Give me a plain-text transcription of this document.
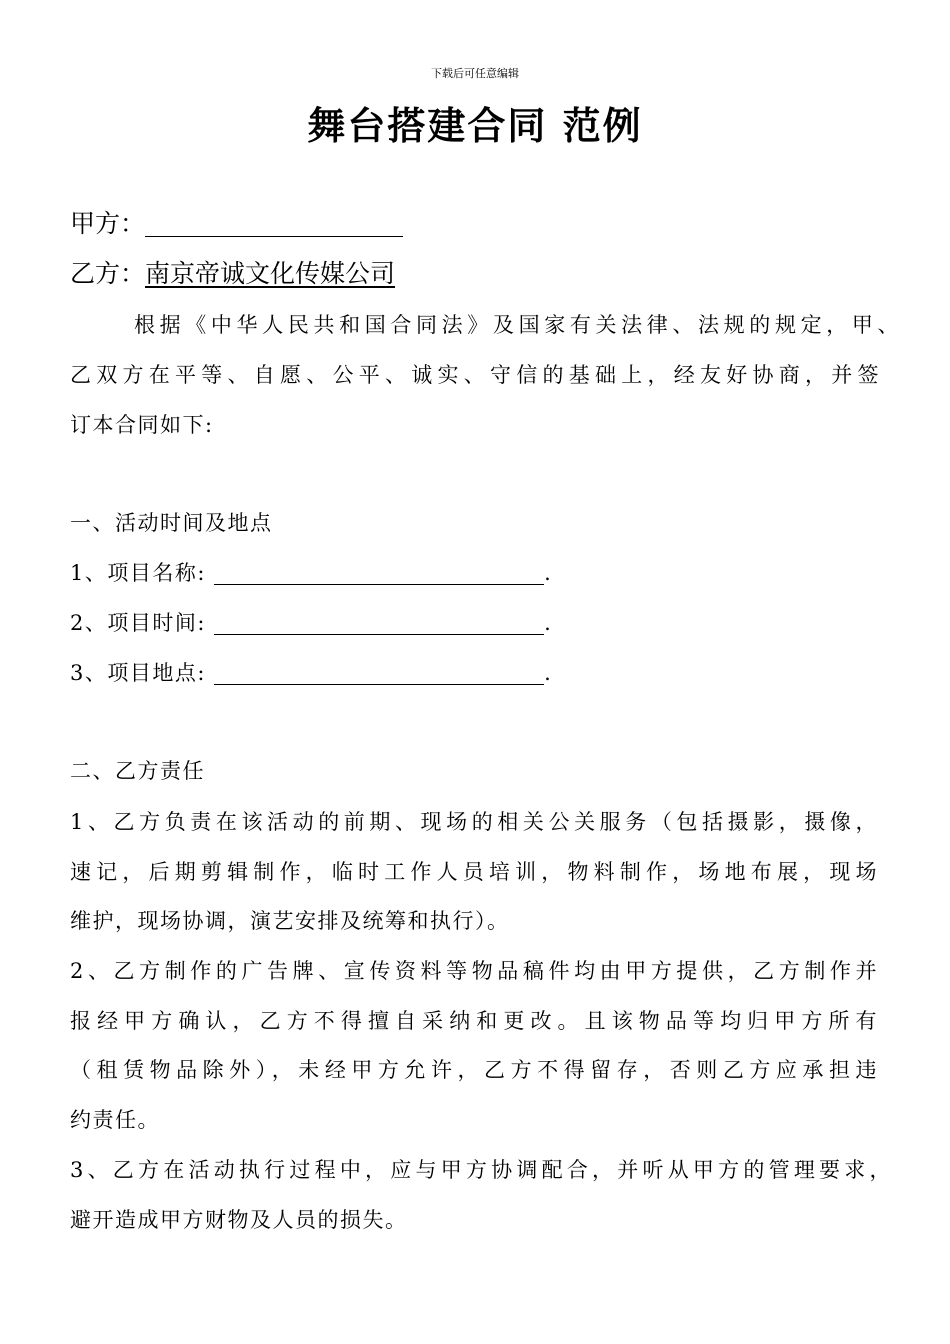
下载后可任意编辑
舞台搭建合同 范例
甲方：
乙方：南京帝诚文化传媒公司
根据《中华人民共和国合同法》及国家有关法律、法规的规定，甲、
乙双方在平等、自愿、公平、诚实、守信的基础上，经友好协商，并签
订本合同如下:
一、活动时间及地点
1、项目名称:	.
2、项目时间:	.
3、项目地点:	.
二、乙方责任
1、乙方负责在该活动的前期、现场的相关公关服务（包括摄影，摄像，
速记，后期剪辑制作，临时工作人员培训，物料制作，场地布展，现场
维护，现场协调，演艺安排及统筹和执行）。
2、乙方制作的广告牌、宣传资料等物品稿件均由甲方提供，乙方制作并
报经甲方确认，乙方不得擅自采纳和更改。且该物品等均归甲方所有
（租赁物品除外），未经甲方允许，乙方不得留存，否则乙方应承担违
约责任。
3、乙方在活动执行过程中，应与甲方协调配合，并听从甲方的管理要求，
避开造成甲方财物及人员的损失。
